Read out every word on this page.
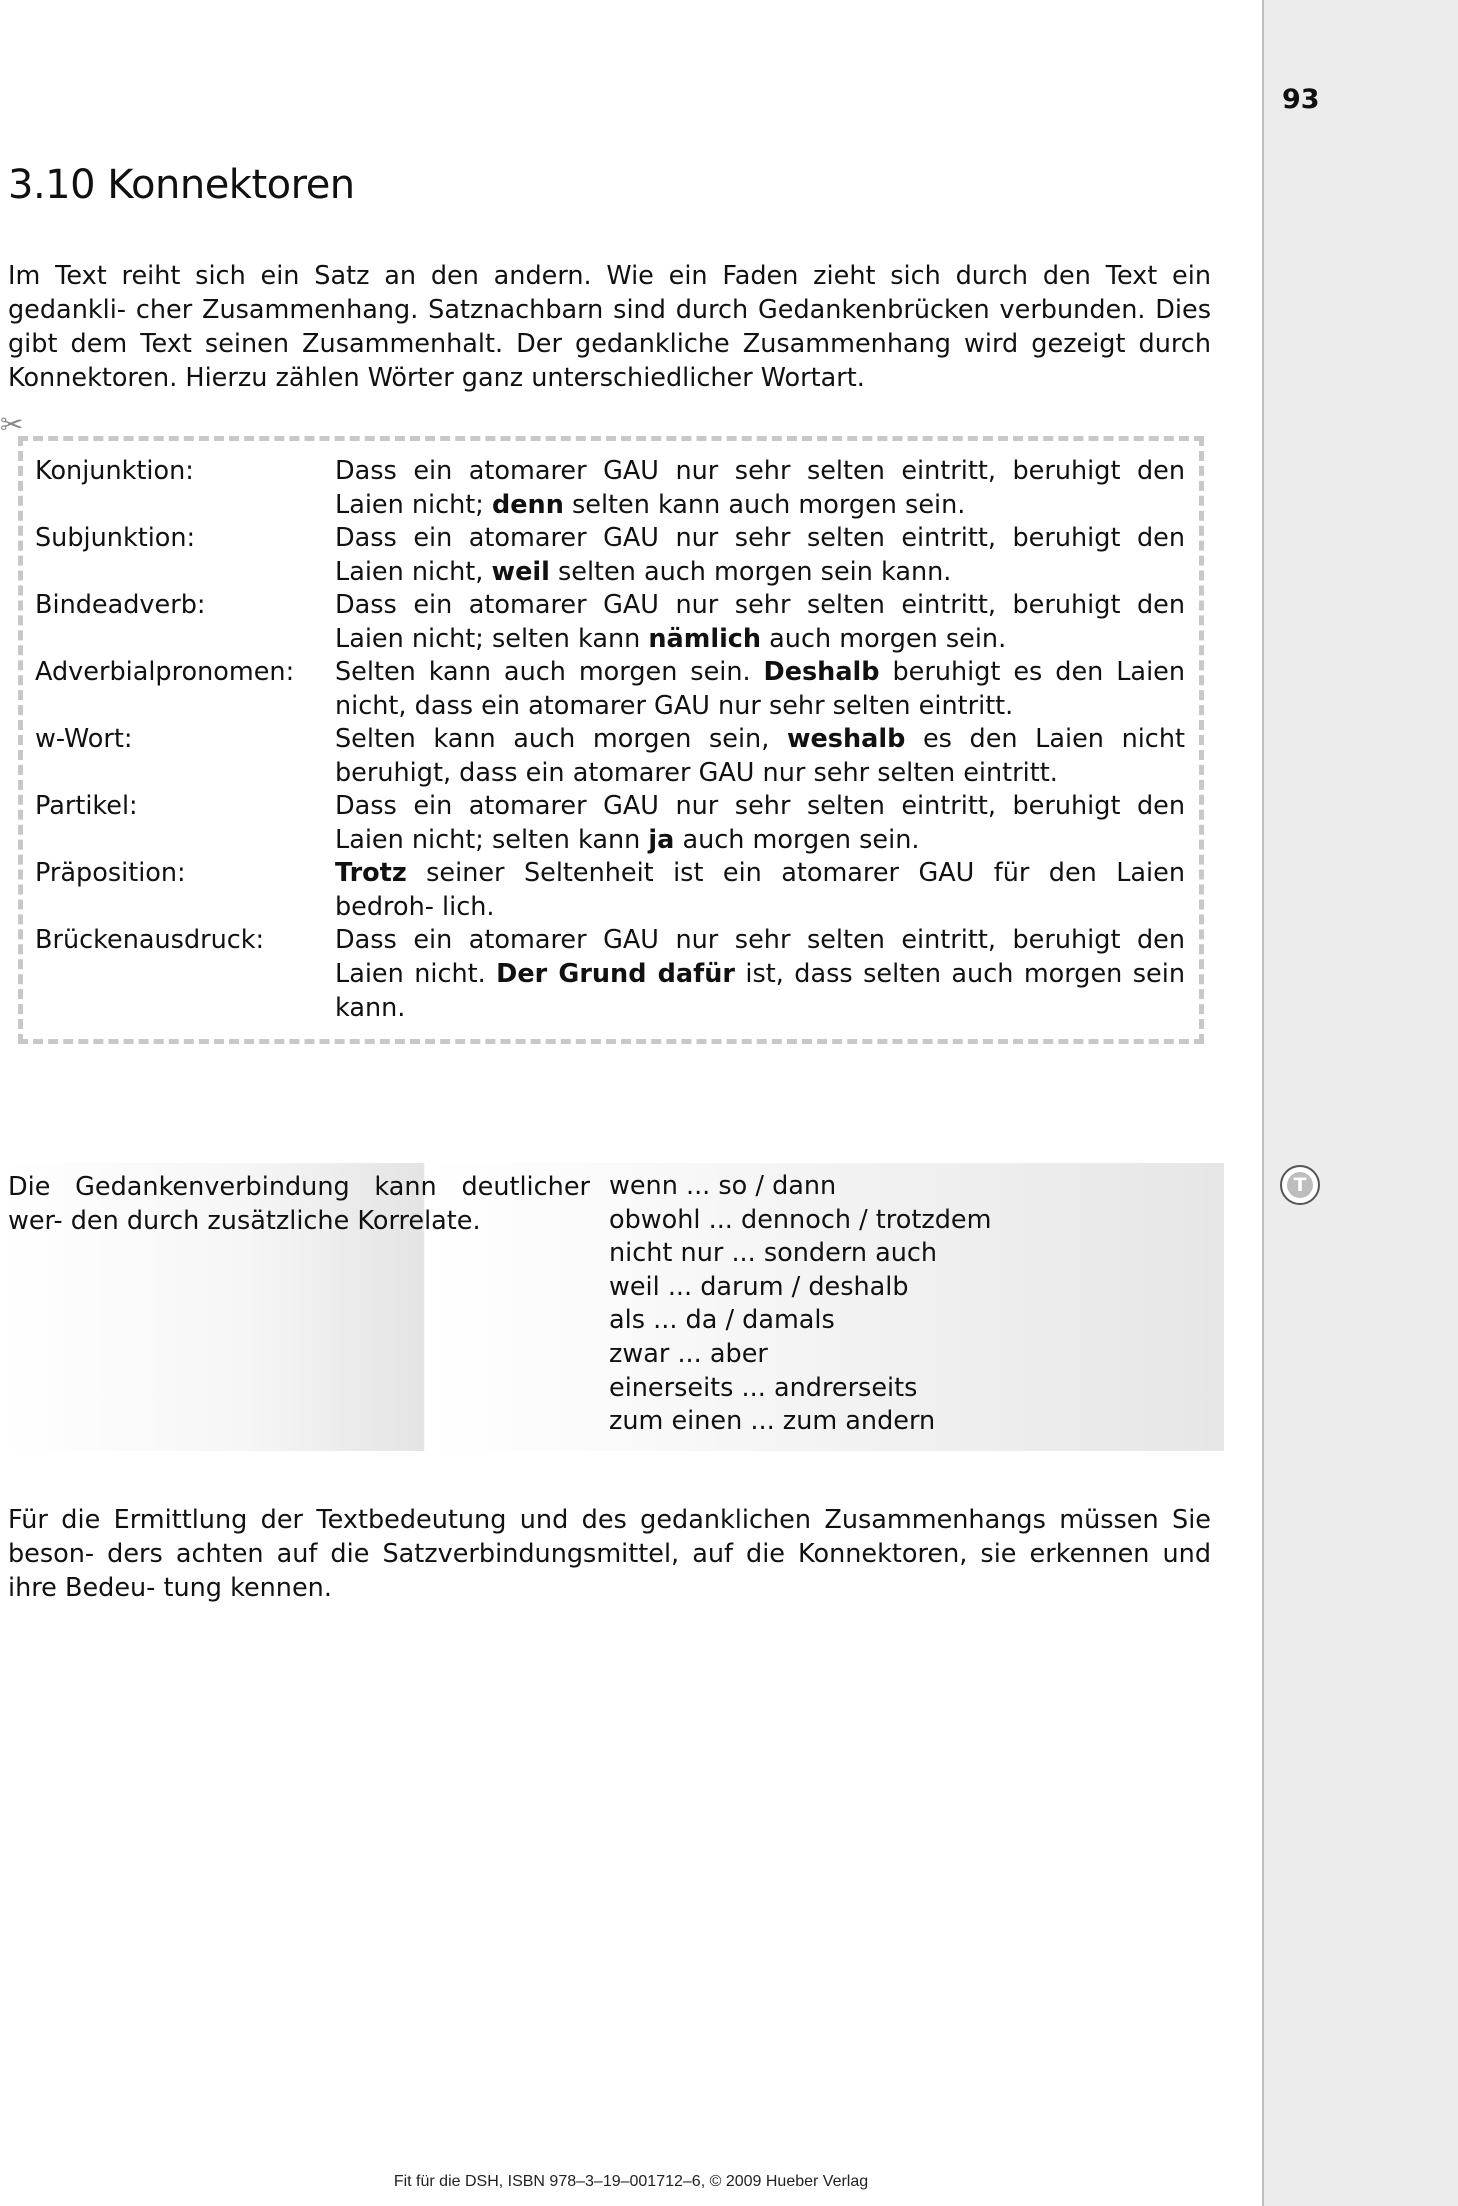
93
T
3.10 Konnektoren

Im Text reiht sich ein Satz an den andern. Wie ein Faden zieht sich durch den Text ein gedankli- cher Zusammenhang. Satznachbarn sind durch Gedankenbrücken verbunden. Dies gibt dem Text seinen Zusammenhalt. Der gedankliche Zusammenhang wird gezeigt durch Konnektoren. Hierzu zählen Wörter ganz unterschiedlicher Wortart.

✂
Konjunktion:	Dass ein atomarer GAU nur sehr selten eintritt, beruhigt den Laien nicht; denn selten kann auch morgen sein.
Subjunktion:	Dass ein atomarer GAU nur sehr selten eintritt, beruhigt den Laien nicht, weil selten auch morgen sein kann.
Bindeadverb:	Dass ein atomarer GAU nur sehr selten eintritt, beruhigt den Laien nicht; selten kann nämlich auch morgen sein.
Adverbialpronomen:	Selten kann auch morgen sein. Deshalb beruhigt es den Laien nicht, dass ein atomarer GAU nur sehr selten eintritt.
w-Wort:	Selten kann auch morgen sein, weshalb es den Laien nicht beruhigt, dass ein atomarer GAU nur sehr selten eintritt.
Partikel:	Dass ein atomarer GAU nur sehr selten eintritt, beruhigt den Laien nicht; selten kann ja auch morgen sein.
Präposition:	Trotz seiner Seltenheit ist ein atomarer GAU für den Laien bedroh- lich.
Brückenausdruck:	Dass ein atomarer GAU nur sehr selten eintritt, beruhigt den Laien nicht. Der Grund dafür ist, dass selten auch morgen sein kann.
Die Gedankenverbindung kann deutlicher wer- den durch zusätzliche Korrelate.
wenn ... so / dann
obwohl ... dennoch / trotzdem
nicht nur ... sondern auch
weil ... darum / deshalb
als ... da / damals
zwar ... aber
einerseits ... andrerseits
zum einen ... zum andern

Für die Ermittlung der Textbedeutung und des gedanklichen Zusammenhangs müssen Sie beson- ders achten auf die Satzverbindungsmittel, auf die Konnektoren, sie erkennen und ihre Bedeu- tung kennen.

Fit für die DSH, ISBN 978–3–19–001712–6, © 2009 Hueber Verlag
